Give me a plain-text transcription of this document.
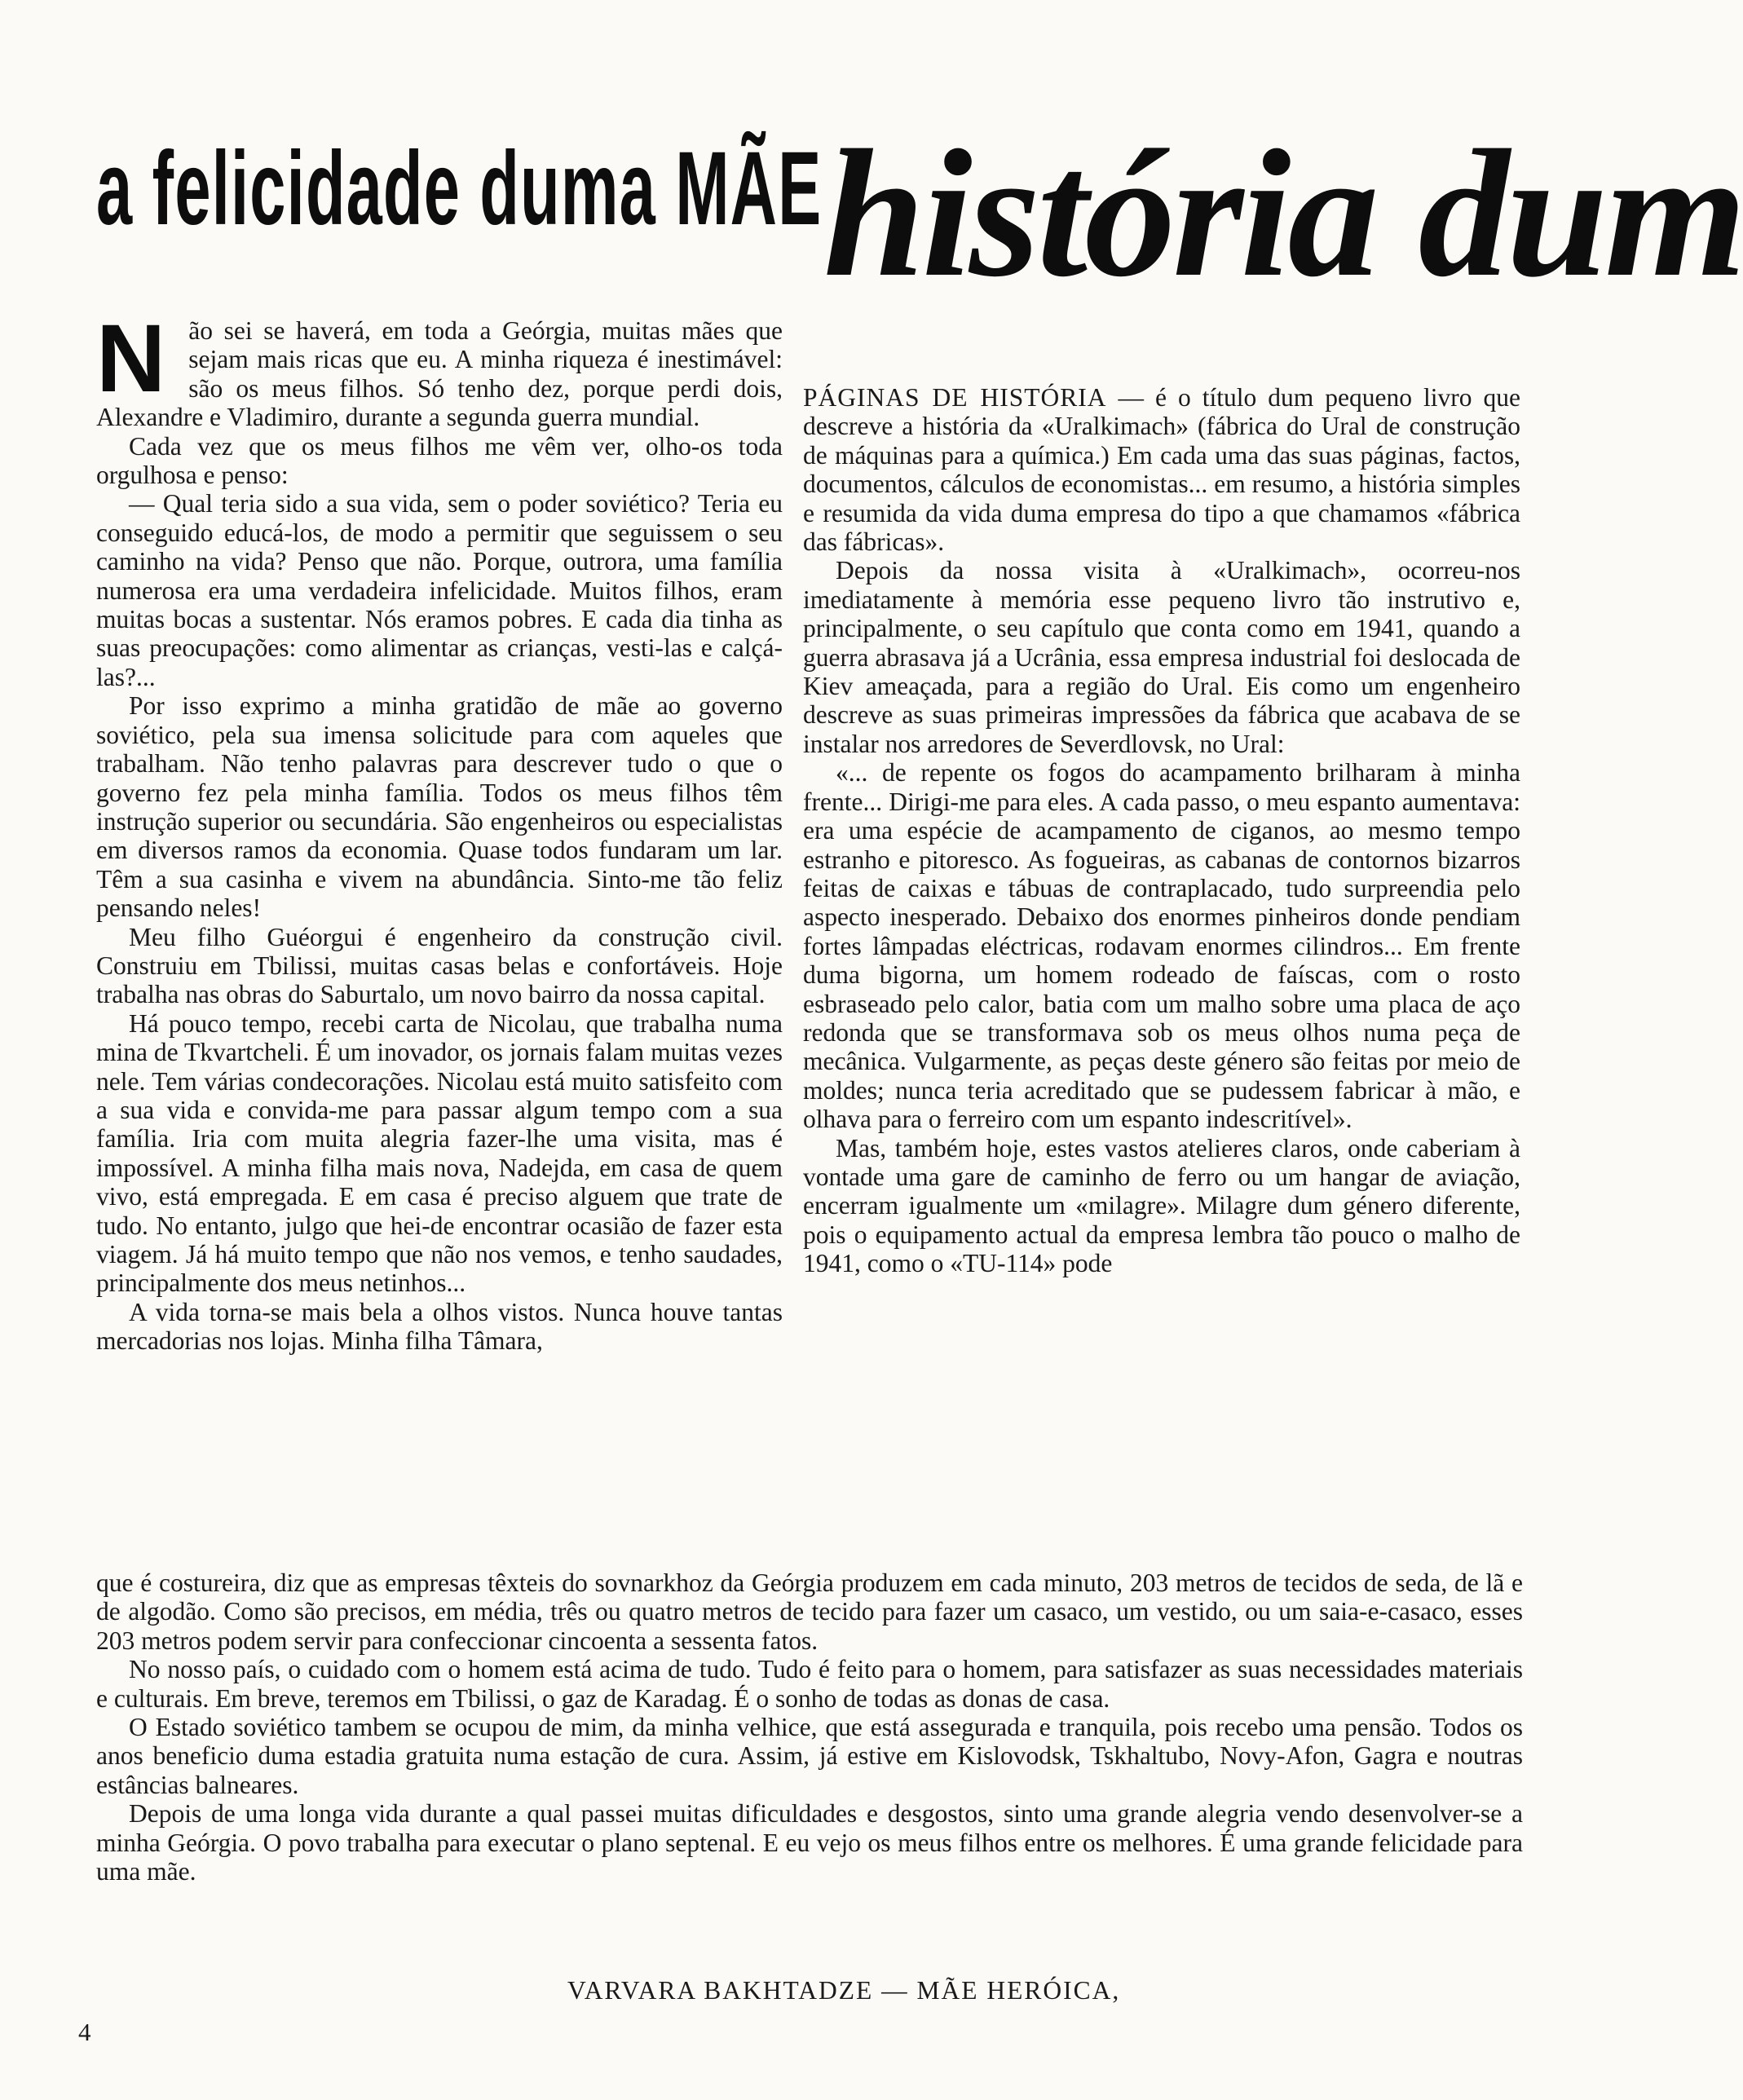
a felicidade duma MÃE história dum
N ão sei se haverá, em toda a Geórgia, muitas mães que sejam mais ricas que eu. A minha riqueza é inestimável: são os meus filhos. Só tenho dez, porque perdi dois, Alexandre e Vladimiro, durante a segunda guerra mundial.

Cada vez que os meus filhos me vêm ver, olho-os toda orgulhosa e penso:

— Qual teria sido a sua vida, sem o poder soviético? Teria eu conseguido educá-los, de modo a permitir que seguissem o seu caminho na vida? Penso que não. Porque, outrora, uma família numerosa era uma verdadeira infelicidade. Muitos filhos, eram muitas bocas a sustentar. Nós eramos pobres. E cada dia tinha as suas preocupações: como alimentar as crianças, vesti-las e calçá-las?...

Por isso exprimo a minha gratidão de mãe ao governo soviético, pela sua imensa solicitude para com aqueles que trabalham. Não tenho palavras para descrever tudo o que o governo fez pela minha família. Todos os meus filhos têm instrução superior ou secundária. São engenheiros ou especialistas em diversos ramos da economia. Quase todos fundaram um lar. Têm a sua casinha e vivem na abundância. Sinto-me tão feliz pensando neles!

Meu filho Guéorgui é engenheiro da construção civil. Construiu em Tbilissi, muitas casas belas e confortáveis. Hoje trabalha nas obras do Saburtalo, um novo bairro da nossa capital.

Há pouco tempo, recebi carta de Nicolau, que trabalha numa mina de Tkvartcheli. É um inovador, os jornais falam muitas vezes nele. Tem várias condecorações. Nicolau está muito satisfeito com a sua vida e convida-me para passar algum tempo com a sua família. Iria com muita alegria fazer-lhe uma visita, mas é impossível. A minha filha mais nova, Nadejda, em casa de quem vivo, está empregada. E em casa é preciso alguem que trate de tudo. No entanto, julgo que hei-de encontrar ocasião de fazer esta viagem. Já há muito tempo que não nos vemos, e tenho saudades, principalmente dos meus netinhos...

A vida torna-se mais bela a olhos vistos. Nunca houve tantas mercadorias nos lojas. Minha filha Tâmara,

PÁGINAS DE HISTÓRIA — é o título dum pequeno livro que descreve a história da «Uralkimach» (fábrica do Ural de construção de máquinas para a química.) Em cada uma das suas páginas, factos, documentos, cálculos de economistas... em resumo, a história simples e resumida da vida duma empresa do tipo a que chamamos «fábrica das fábricas».

Depois da nossa visita à «Uralkimach», ocorreu-nos imediatamente à memória esse pequeno livro tão instrutivo e, principalmente, o seu capítulo que conta como em 1941, quando a guerra abrasava já a Ucrânia, essa empresa industrial foi deslocada de Kiev ameaçada, para a região do Ural. Eis como um engenheiro descreve as suas primeiras impressões da fábrica que acabava de se instalar nos arredores de Severdlovsk, no Ural:

«... de repente os fogos do acampamento brilharam à minha frente... Dirigi-me para eles. A cada passo, o meu espanto aumentava: era uma espécie de acampamento de ciganos, ao mesmo tempo estranho e pitoresco. As fogueiras, as cabanas de contornos bizarros feitas de caixas e tábuas de contraplacado, tudo surpreendia pelo aspecto inesperado. Debaixo dos enormes pinheiros donde pendiam fortes lâmpadas eléctricas, rodavam enormes cilindros... Em frente duma bigorna, um homem rodeado de faíscas, com o rosto esbraseado pelo calor, batia com um malho sobre uma placa de aço redonda que se transformava sob os meus olhos numa peça de mecânica. Vulgarmente, as peças deste género são feitas por meio de moldes; nunca teria acreditado que se pudessem fabricar à mão, e olhava para o ferreiro com um espanto indescritível».

Mas, também hoje, estes vastos atelieres claros, onde caberiam à vontade uma gare de caminho de ferro ou um hangar de aviação, encerram igualmente um «milagre». Milagre dum género diferente, pois o equipamento actual da empresa lembra tão pouco o malho de 1941, como o «TU-114» pode

que é costureira, diz que as empresas têxteis do sovnarkhoz da Geórgia produzem em cada minuto, 203 metros de tecidos de seda, de lã e de algodão. Como são precisos, em média, três ou quatro metros de tecido para fazer um casaco, um vestido, ou um saia-e-casaco, esses 203 metros podem servir para confeccionar cincoenta a sessenta fatos.

No nosso país, o cuidado com o homem está acima de tudo. Tudo é feito para o homem, para satisfazer as suas necessidades materiais e culturais. Em breve, teremos em Tbilissi, o gaz de Karadag. É o sonho de todas as donas de casa.

O Estado soviético tambem se ocupou de mim, da minha velhice, que está assegurada e tranquila, pois recebo uma pensão. Todos os anos beneficio duma estadia gratuita numa estação de cura. Assim, já estive em Kislovodsk, Tskhaltubo, Novy-Afon, Gagra e noutras estâncias balneares.

Depois de uma longa vida durante a qual passei muitas dificuldades e desgostos, sinto uma grande alegria vendo desenvolver-se a minha Geórgia. O povo trabalha para executar o plano septenal. E eu vejo os meus filhos entre os melhores. É uma grande felicidade para uma mãe.

VARVARA BAKHTADZE — MÃE HERÓICA,
4
